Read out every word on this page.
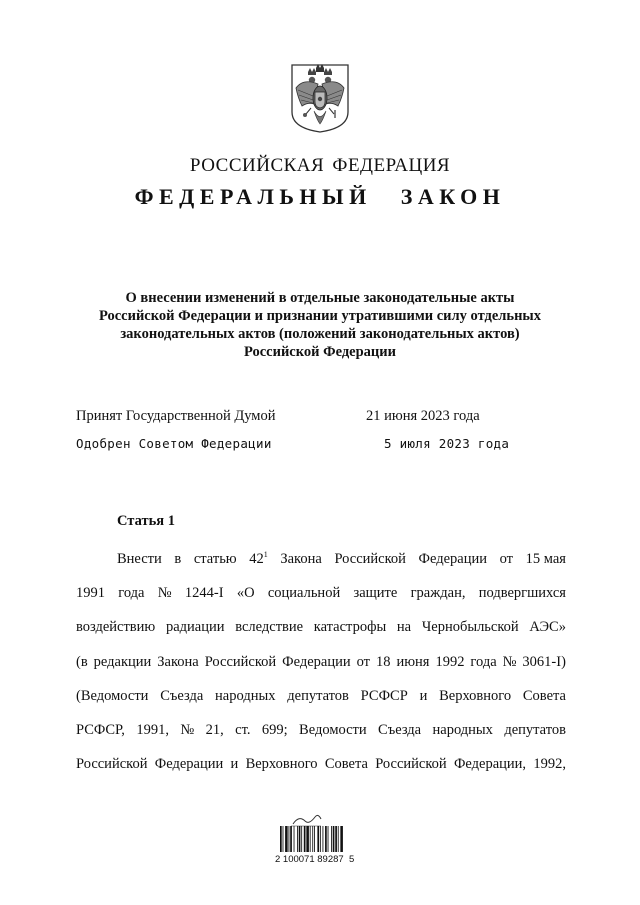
РОССИЙСКАЯ ФЕДЕРАЦИЯ
ФЕДЕРАЛЬНЫЙ ЗАКОН
О внесении изменений в отдельные законодательные акты
Российской Федерации и признании утратившими силу отдельных
законодательных актов (положений законодательных актов)
Российской Федерации
Принят Государственной Думой	21 июня 2023 года
Одобрен Советом Федерации	5 июля 2023 года
Статья 1
Внести в статью $42^1$ Закона Российской Федерации от 15 мая
1991 года № 1244-I «О социальной защите граждан, подвергшихся
воздействию радиации вследствие катастрофы на Чернобыльской АЭС»
(в редакции Закона Российской Федерации от 18 июня 1992 года № 3061-I)
(Ведомости Съезда народных депутатов РСФСР и Верховного Совета
РСФСР, 1991, № 21, ст. 699; Ведомости Съезда народных депутатов
Российской Федерации и Верховного Совета Российской Федерации, 1992,
2 100071 89287  5
